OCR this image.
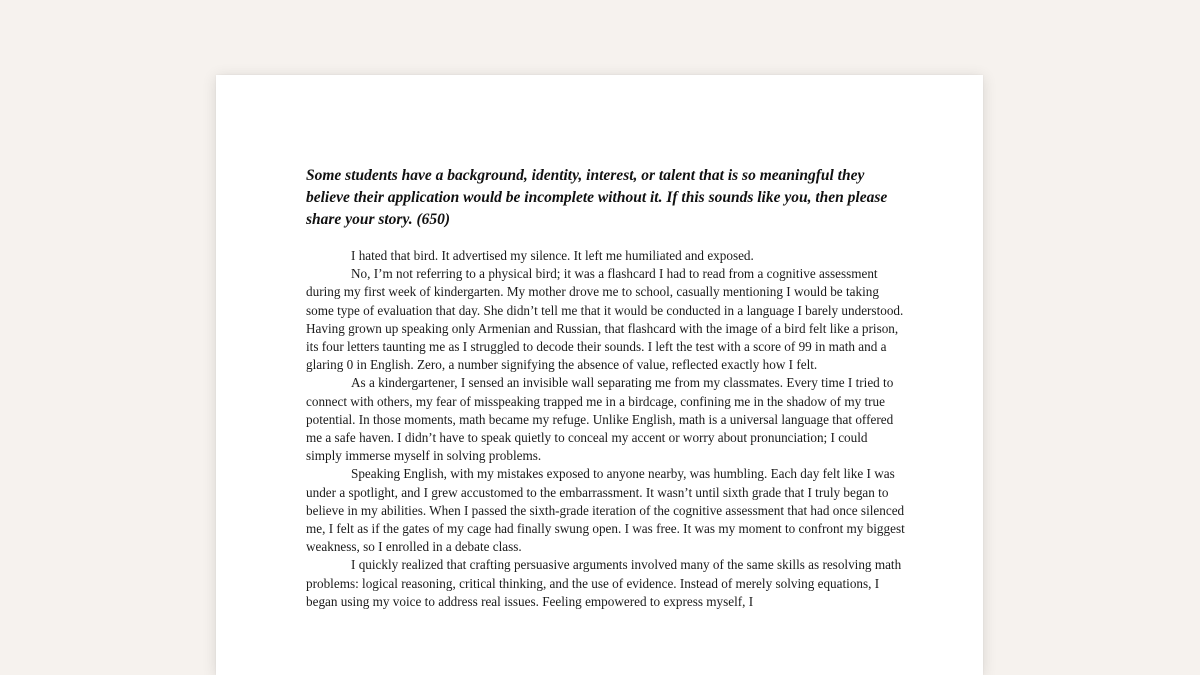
Some students have a background, identity, interest, or talent that is so meaningful they believe their application would be incomplete without it. If this sounds like you, then please share your story. (650)

I hated that bird. It advertised my silence. It left me humiliated and exposed.

No, I’m not referring to a physical bird; it was a flashcard I had to read from a cognitive assessment during my first week of kindergarten. My mother drove me to school, casually mentioning I would be taking some type of evaluation that day. She didn’t tell me that it would be conducted in a language I barely understood. Having grown up speaking only Armenian and Russian, that flashcard with the image of a bird felt like a prison, its four letters taunting me as I struggled to decode their sounds. I left the test with a score of 99 in math and a glaring 0 in English. Zero, a number signifying the absence of value, reflected exactly how I felt.

As a kindergartener, I sensed an invisible wall separating me from my classmates. Every time I tried to connect with others, my fear of misspeaking trapped me in a birdcage, confining me in the shadow of my true potential. In those moments, math became my refuge. Unlike English, math is a universal language that offered me a safe haven. I didn’t have to speak quietly to conceal my accent or worry about pronunciation; I could simply immerse myself in solving problems.

Speaking English, with my mistakes exposed to anyone nearby, was humbling. Each day felt like I was under a spotlight, and I grew accustomed to the embarrassment. It wasn’t until sixth grade that I truly began to believe in my abilities. When I passed the sixth-grade iteration of the cognitive assessment that had once silenced me, I felt as if the gates of my cage had finally swung open. I was free. It was my moment to confront my biggest weakness, so I enrolled in a debate class.

I quickly realized that crafting persuasive arguments involved many of the same skills as resolving math problems: logical reasoning, critical thinking, and the use of evidence. Instead of merely solving equations, I began using my voice to address real issues. Feeling empowered to express myself, I
